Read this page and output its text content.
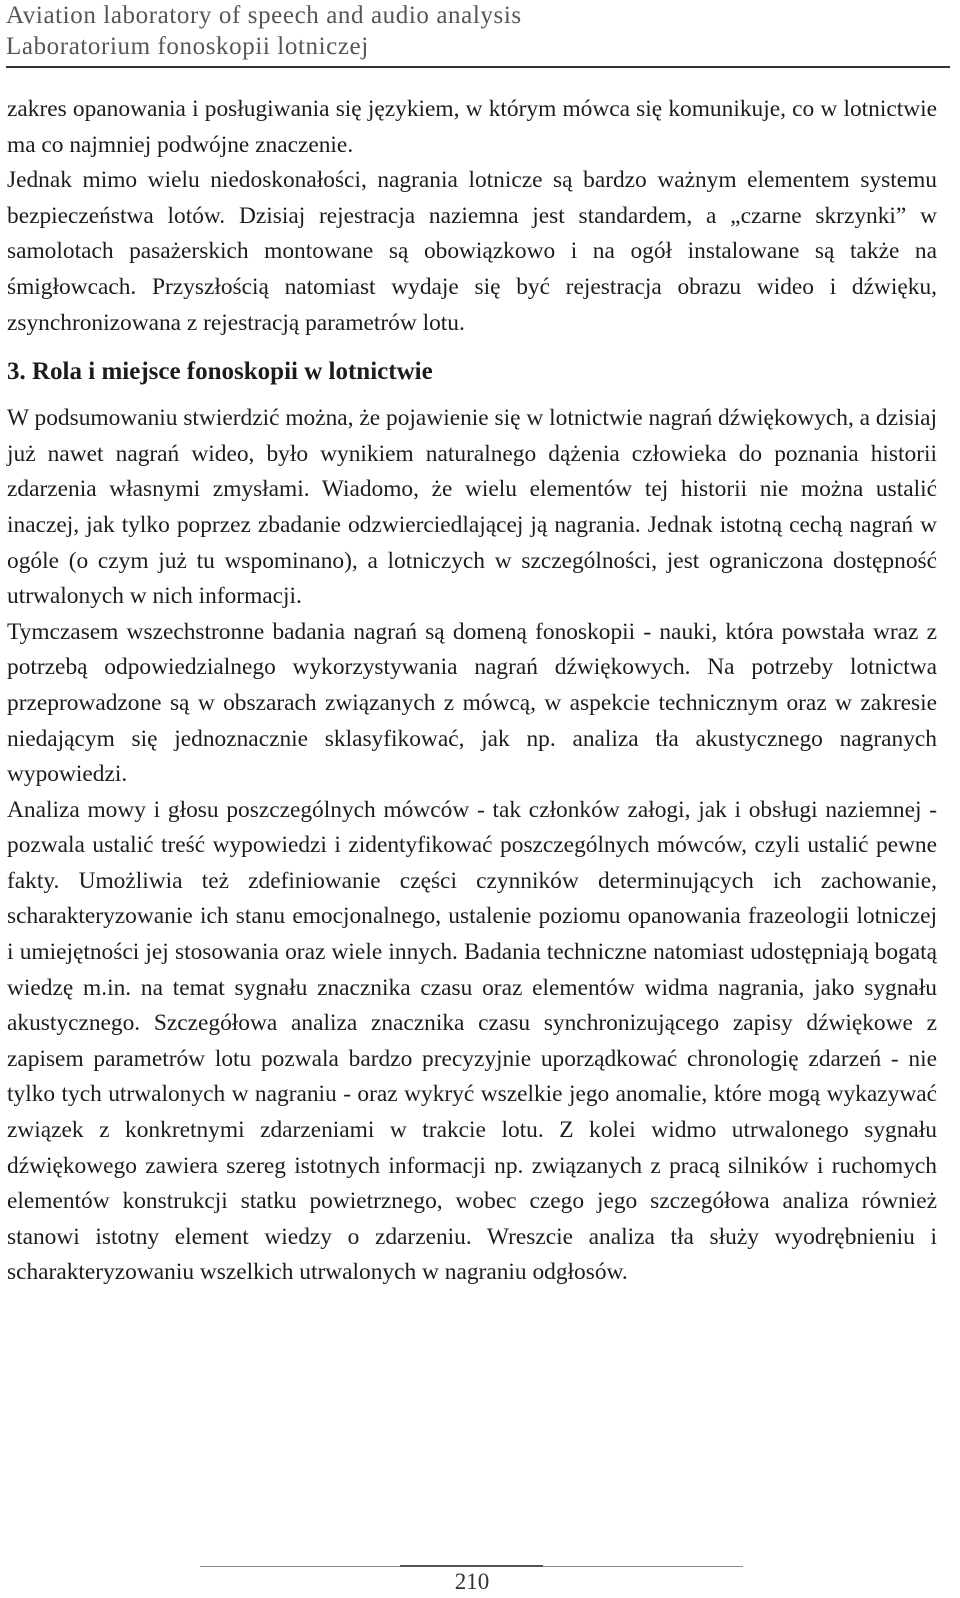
Aviation laboratory of speech and audio analysis
Laboratorium fonoskopii lotniczej

zakres opanowania i posługiwania się językiem, w którym mówca się komunikuje, co w lotnictwie ma co najmniej podwójne znaczenie.

Jednak mimo wielu niedoskonałości, nagrania lotnicze są bardzo ważnym elementem systemu bezpieczeństwa lotów. Dzisiaj rejestracja naziemna jest standardem, a „czarne skrzynki” w samolotach pasażerskich montowane są obowiązkowo i na ogół instalowane są także na śmigłowcach. Przyszłością natomiast wydaje się być rejestracja obrazu wideo i dźwięku, zsynchronizowana z rejestracją parametrów lotu.

3. Rola i miejsce fonoskopii w lotnictwie

W podsumowaniu stwierdzić można, że pojawienie się w lotnictwie nagrań dźwiękowych, a dzisiaj już nawet nagrań wideo, było wynikiem naturalnego dążenia człowieka do poznania historii zdarzenia własnymi zmysłami. Wiadomo, że wielu elementów tej historii nie można ustalić inaczej, jak tylko poprzez zbadanie odzwierciedlającej ją nagrania. Jednak istotną cechą nagrań w ogóle (o czym już tu wspominano), a lotniczych w szczególności, jest ograniczona dostępność utrwalonych w nich informacji.

Tymczasem wszechstronne badania nagrań są domeną fonoskopii - nauki, która powstała wraz z potrzebą odpowiedzialnego wykorzystywania nagrań dźwiękowych. Na potrzeby lotnictwa przeprowadzone są w obszarach związanych z mówcą, w aspekcie technicznym oraz w zakresie niedającym się jednoznacznie sklasyfikować, jak np. analiza tła akustycznego nagranych wypowiedzi.

Analiza mowy i głosu poszczególnych mówców - tak członków załogi, jak i obsługi naziemnej - pozwala ustalić treść wypowiedzi i zidentyfikować poszczególnych mówców, czyli ustalić pewne fakty. Umożliwia też zdefiniowanie części czynników determinujących ich zachowanie, scharakteryzowanie ich stanu emocjonalnego, ustalenie poziomu opanowania frazeologii lotniczej i umiejętności jej stosowania oraz wiele innych. Badania techniczne natomiast udostępniają bogatą wiedzę m.in. na temat sygnału znacznika czasu oraz elementów widma nagrania, jako sygnału akustycznego. Szczegółowa analiza znacznika czasu synchronizującego zapisy dźwiękowe z zapisem parametrów lotu pozwala bardzo precyzyjnie uporządkować chronologię zdarzeń - nie tylko tych utrwalonych w nagraniu - oraz wykryć wszelkie jego anomalie, które mogą wykazywać związek z konkretnymi zdarzeniami w trakcie lotu. Z kolei widmo utrwalonego sygnału dźwiękowego zawiera szereg istotnych informacji np. związanych z pracą silników i ruchomych elementów konstrukcji statku powietrznego, wobec czego jego szczegółowa analiza również stanowi istotny element wiedzy o zdarzeniu. Wreszcie analiza tła służy wyodrębnieniu i scharakteryzowaniu wszelkich utrwalonych w nagraniu odgłosów.

210
